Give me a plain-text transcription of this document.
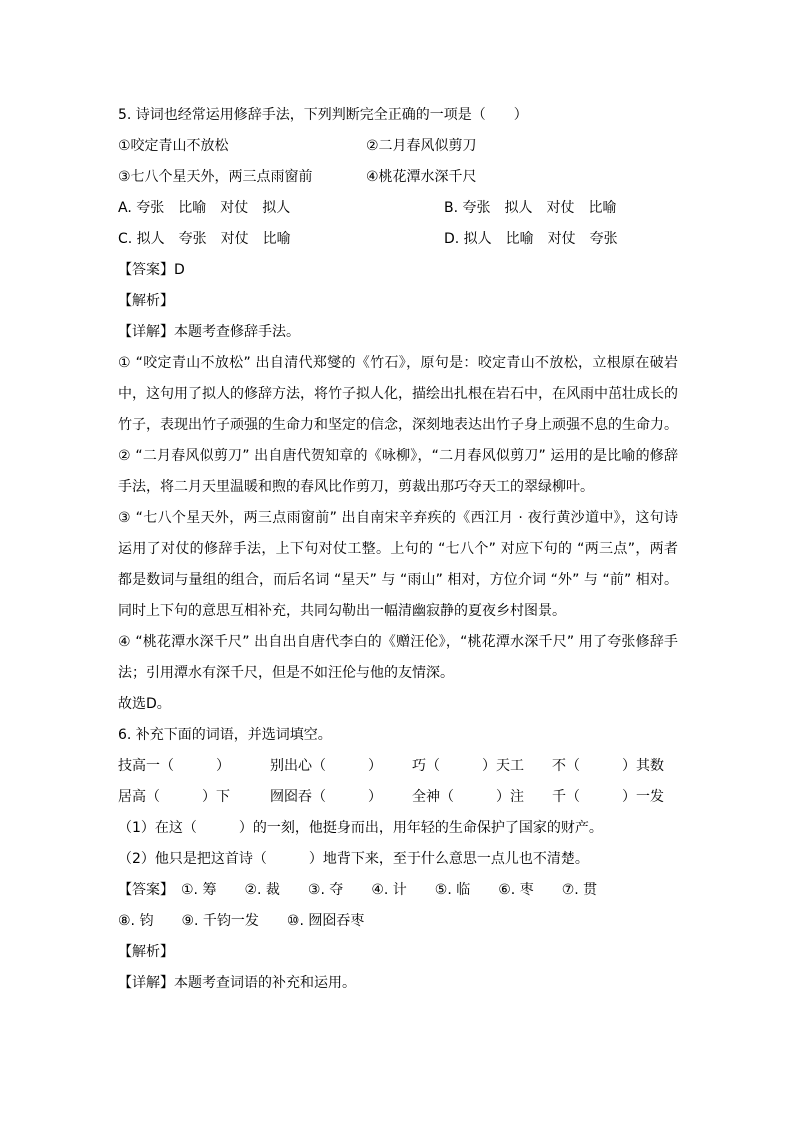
5. 诗词也经常运用修辞手法，下列判断完全正确的一项是（　　）
①咬定青山不放松	②二月春风似剪刀
③七八个星天外，两三点雨窗前	④桃花潭水深千尺
A. 夸张　比喻　对仗　拟人	B. 夸张　拟人　对仗　比喻
C. 拟人　夸张　对仗　比喻	D. 拟人　比喻　对仗　夸张
【答案】D
【解析】
【详解】本题考查修辞手法。
① “咬定青山不放松” 出自清代郑燮的《竹石》，原句是：咬定青山不放松，立根原在破岩中，这句用了拟人的修辞方法，将竹子拟人化，描绘出扎根在岩石中，在风雨中茁壮成长的竹子，表现出竹子顽强的生命力和坚定的信念，深刻地表达出竹子身上顽强不息的生命力。
② “二月春风似剪刀” 出自唐代贺知章的《咏柳》，“二月春风似剪刀” 运用的是比喻的修辞手法，将二月天里温暖和煦的春风比作剪刀，剪裁出那巧夺天工的翠绿柳叶。
③ “七八个星天外，两三点雨窗前” 出自南宋辛弃疾的《西江月 · 夜行黄沙道中》，这句诗运用了对仗的修辞手法，上下句对仗工整。上句的 “七八个” 对应下句的 “两三点”，两者都是数词与量组的组合，而后名词 “星天” 与 “雨山” 相对，方位介词 “外” 与 “前” 相对。同时上下句的意思互相补充，共同勾勒出一幅清幽寂静的夏夜乡村图景。
④ “桃花潭水深千尺” 出自出自唐代李白的《赠汪伦》，“桃花潭水深千尺” 用了夸张修辞手法；引用潭水有深千尺，但是不如汪伦与他的友情深。
故选D。
6. 补充下面的词语，并选词填空。
技高一（　　　）	别出心（　　　）	巧（　　　）天工	不（　　　）其数
居高（　　　）下	囫囵吞（　　　）	全神（　　　）注	千（　　　）一发
（1）在这（　　　）的一刻，他挺身而出，用年轻的生命保护了国家的财产。
（2）他只是把这首诗（　　　）地背下来，至于什么意思一点儿也不清楚。
【答案】　 ①. 筹　　②. 裁　　③. 夺　　④. 计　　⑤. 临　　⑥. 枣　　⑦. 贯
⑧. 钧　　⑨. 千钧一发　　⑩. 囫囵吞枣
【解析】
【详解】本题考查词语的补充和运用。
